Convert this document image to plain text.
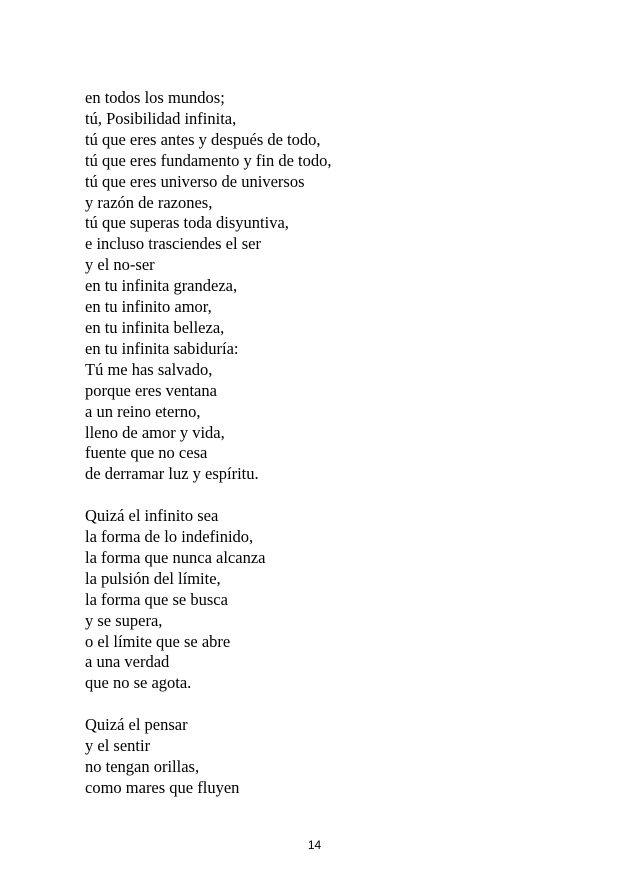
en todos los mundos;
tú, Posibilidad infinita,
tú que eres antes y después de todo,
tú que eres fundamento y fin de todo,
tú que eres universo de universos
y razón de razones,
tú que superas toda disyuntiva,
e incluso trasciendes el ser
y el no-ser
en tu infinita grandeza,
en tu infinito amor,
en tu infinita belleza,
en tu infinita sabiduría:
Tú me has salvado,
porque eres ventana
a un reino eterno,
lleno de amor y vida,
fuente que no cesa
de derramar luz y espíritu.
Quizá el infinito sea
la forma de lo indefinido,
la forma que nunca alcanza
la pulsión del límite,
la forma que se busca
y se supera,
o el límite que se abre
a una verdad
que no se agota.
Quizá el pensar
y el sentir
no tengan orillas,
como mares que fluyen
14
